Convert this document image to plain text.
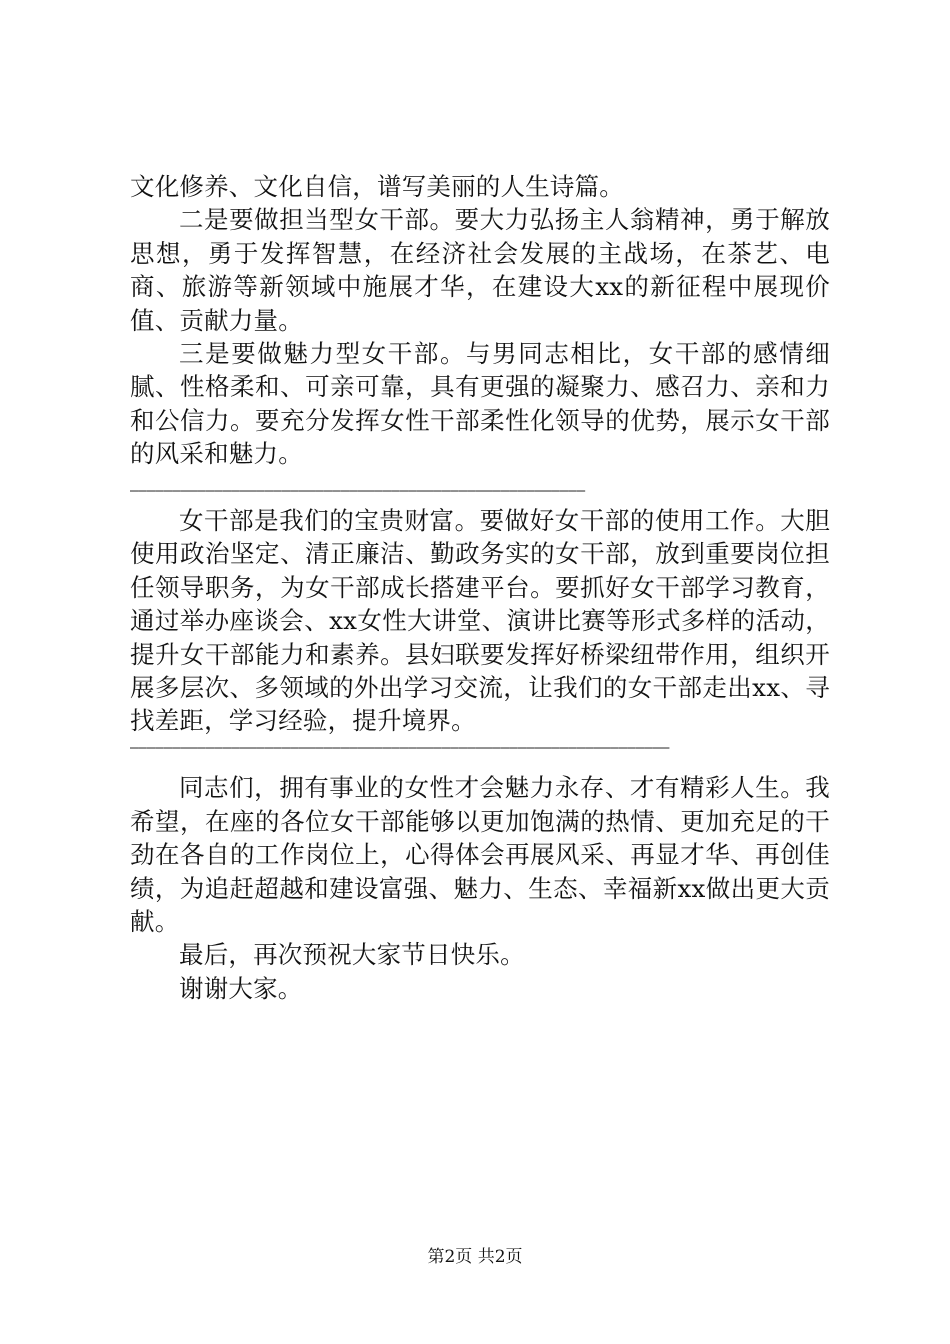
文化修养、文化自信，谱写美丽的人生诗篇。

二是要做担当型女干部。要大力弘扬主人翁精神，勇于解放思想，勇于发挥智慧，在经济社会发展的主战场，在茶艺、电商、旅游等新领域中施展才华，在建设大xx的新征程中展现价值、贡献力量。

三是要做魅力型女干部。与男同志相比，女干部的感情细腻、性格柔和、可亲可靠，具有更强的凝聚力、感召力、亲和力和公信力。要充分发挥女性干部柔性化领导的优势，展示女干部的风采和魅力。

——————————————————————————————————————————————————————

女干部是我们的宝贵财富。要做好女干部的使用工作。大胆使用政治坚定、清正廉洁、勤政务实的女干部，放到重要岗位担任领导职务，为女干部成长搭建平台。要抓好女干部学习教育，通过举办座谈会、xx女性大讲堂、演讲比赛等形式多样的活动，提升女干部能力和素养。县妇联要发挥好桥梁纽带作用，组织开展多层次、多领域的外出学习交流，让我们的女干部走出xx、寻找差距，学习经验，提升境界。

————————————————————————————————————————————————————————————————

同志们，拥有事业的女性才会魅力永存、才有精彩人生。我希望，在座的各位女干部能够以更加饱满的热情、更加充足的干劲在各自的工作岗位上，心得体会再展风采、再显才华、再创佳绩，为追赶超越和建设富强、魅力、生态、幸福新xx做出更大贡献。

最后，再次预祝大家节日快乐。

谢谢大家。

第2页 共2页
